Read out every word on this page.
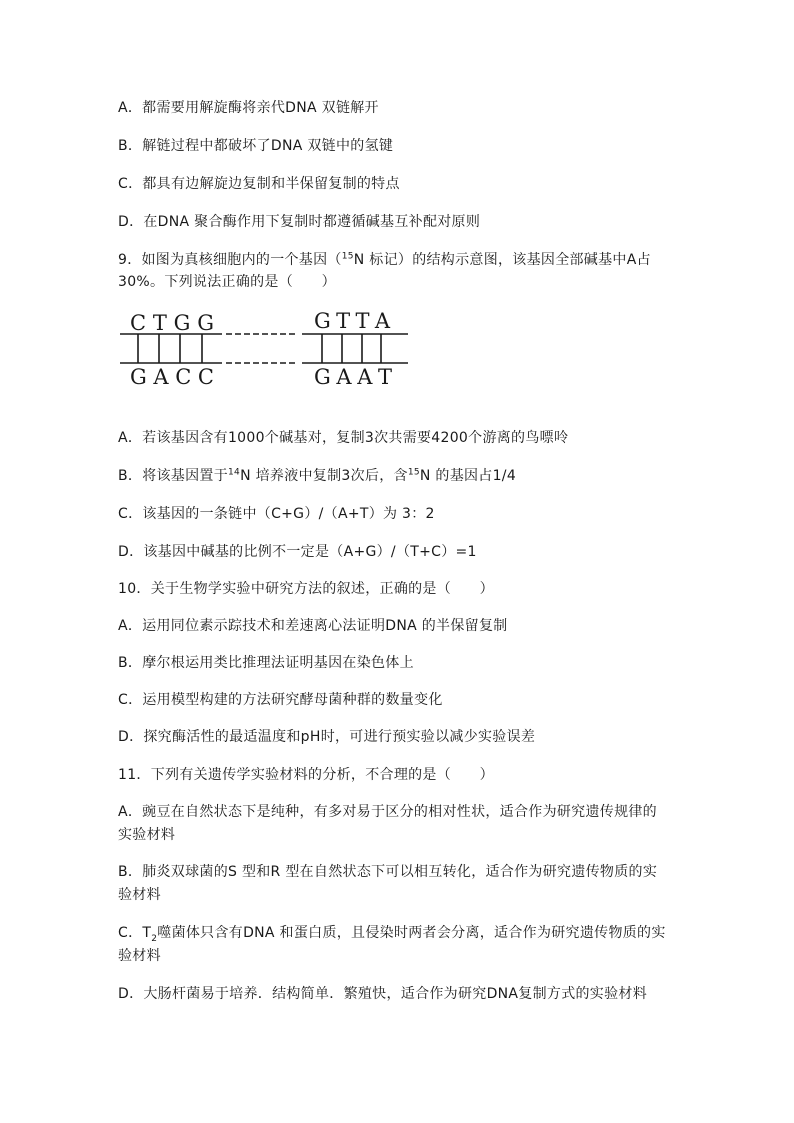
A．都需要用解旋酶将亲代DNA 双链解开
B．解链过程中都破坏了DNA 双链中的氢键
C．都具有边解旋边复制和半保留复制的特点
D．在DNA 聚合酶作用下复制时都遵循碱基互补配对原则
9．如图为真核细胞内的一个基因（$^{15}$N 标记）的结构示意图，该基因全部碱基中A占
30%。下列说法正确的是（　　）
C T G G	G T T A
G A C C	G A A T
A．若该基因含有1000个碱基对，复制3次共需要4200个游离的鸟嘌呤
B．将该基因置于$^{14}$N 培养液中复制3次后，含$^{15}$N 的基因占1/4
C．该基因的一条链中（C+G）/（A+T）为 3：2
D．该基因中碱基的比例不一定是（A+G）/（T+C）=1
10．关于生物学实验中研究方法的叙述，正确的是（　　）
A．运用同位素示踪技术和差速离心法证明DNA 的半保留复制
B．摩尔根运用类比推理法证明基因在染色体上
C．运用模型构建的方法研究酵母菌种群的数量变化
D．探究酶活性的最适温度和pH时，可进行预实验以减少实验误差
11．下列有关遗传学实验材料的分析，不合理的是（　　）
A．豌豆在自然状态下是纯种，有多对易于区分的相对性状，适合作为研究遗传规律的
实验材料
B．肺炎双球菌的S 型和R 型在自然状态下可以相互转化，适合作为研究遗传物质的实
验材料
C．$T_2$噬菌体只含有DNA 和蛋白质，且侵染时两者会分离，适合作为研究遗传物质的实
验材料
D．大肠杆菌易于培养．结构简单．繁殖快，适合作为研究DNA复制方式的实验材料
